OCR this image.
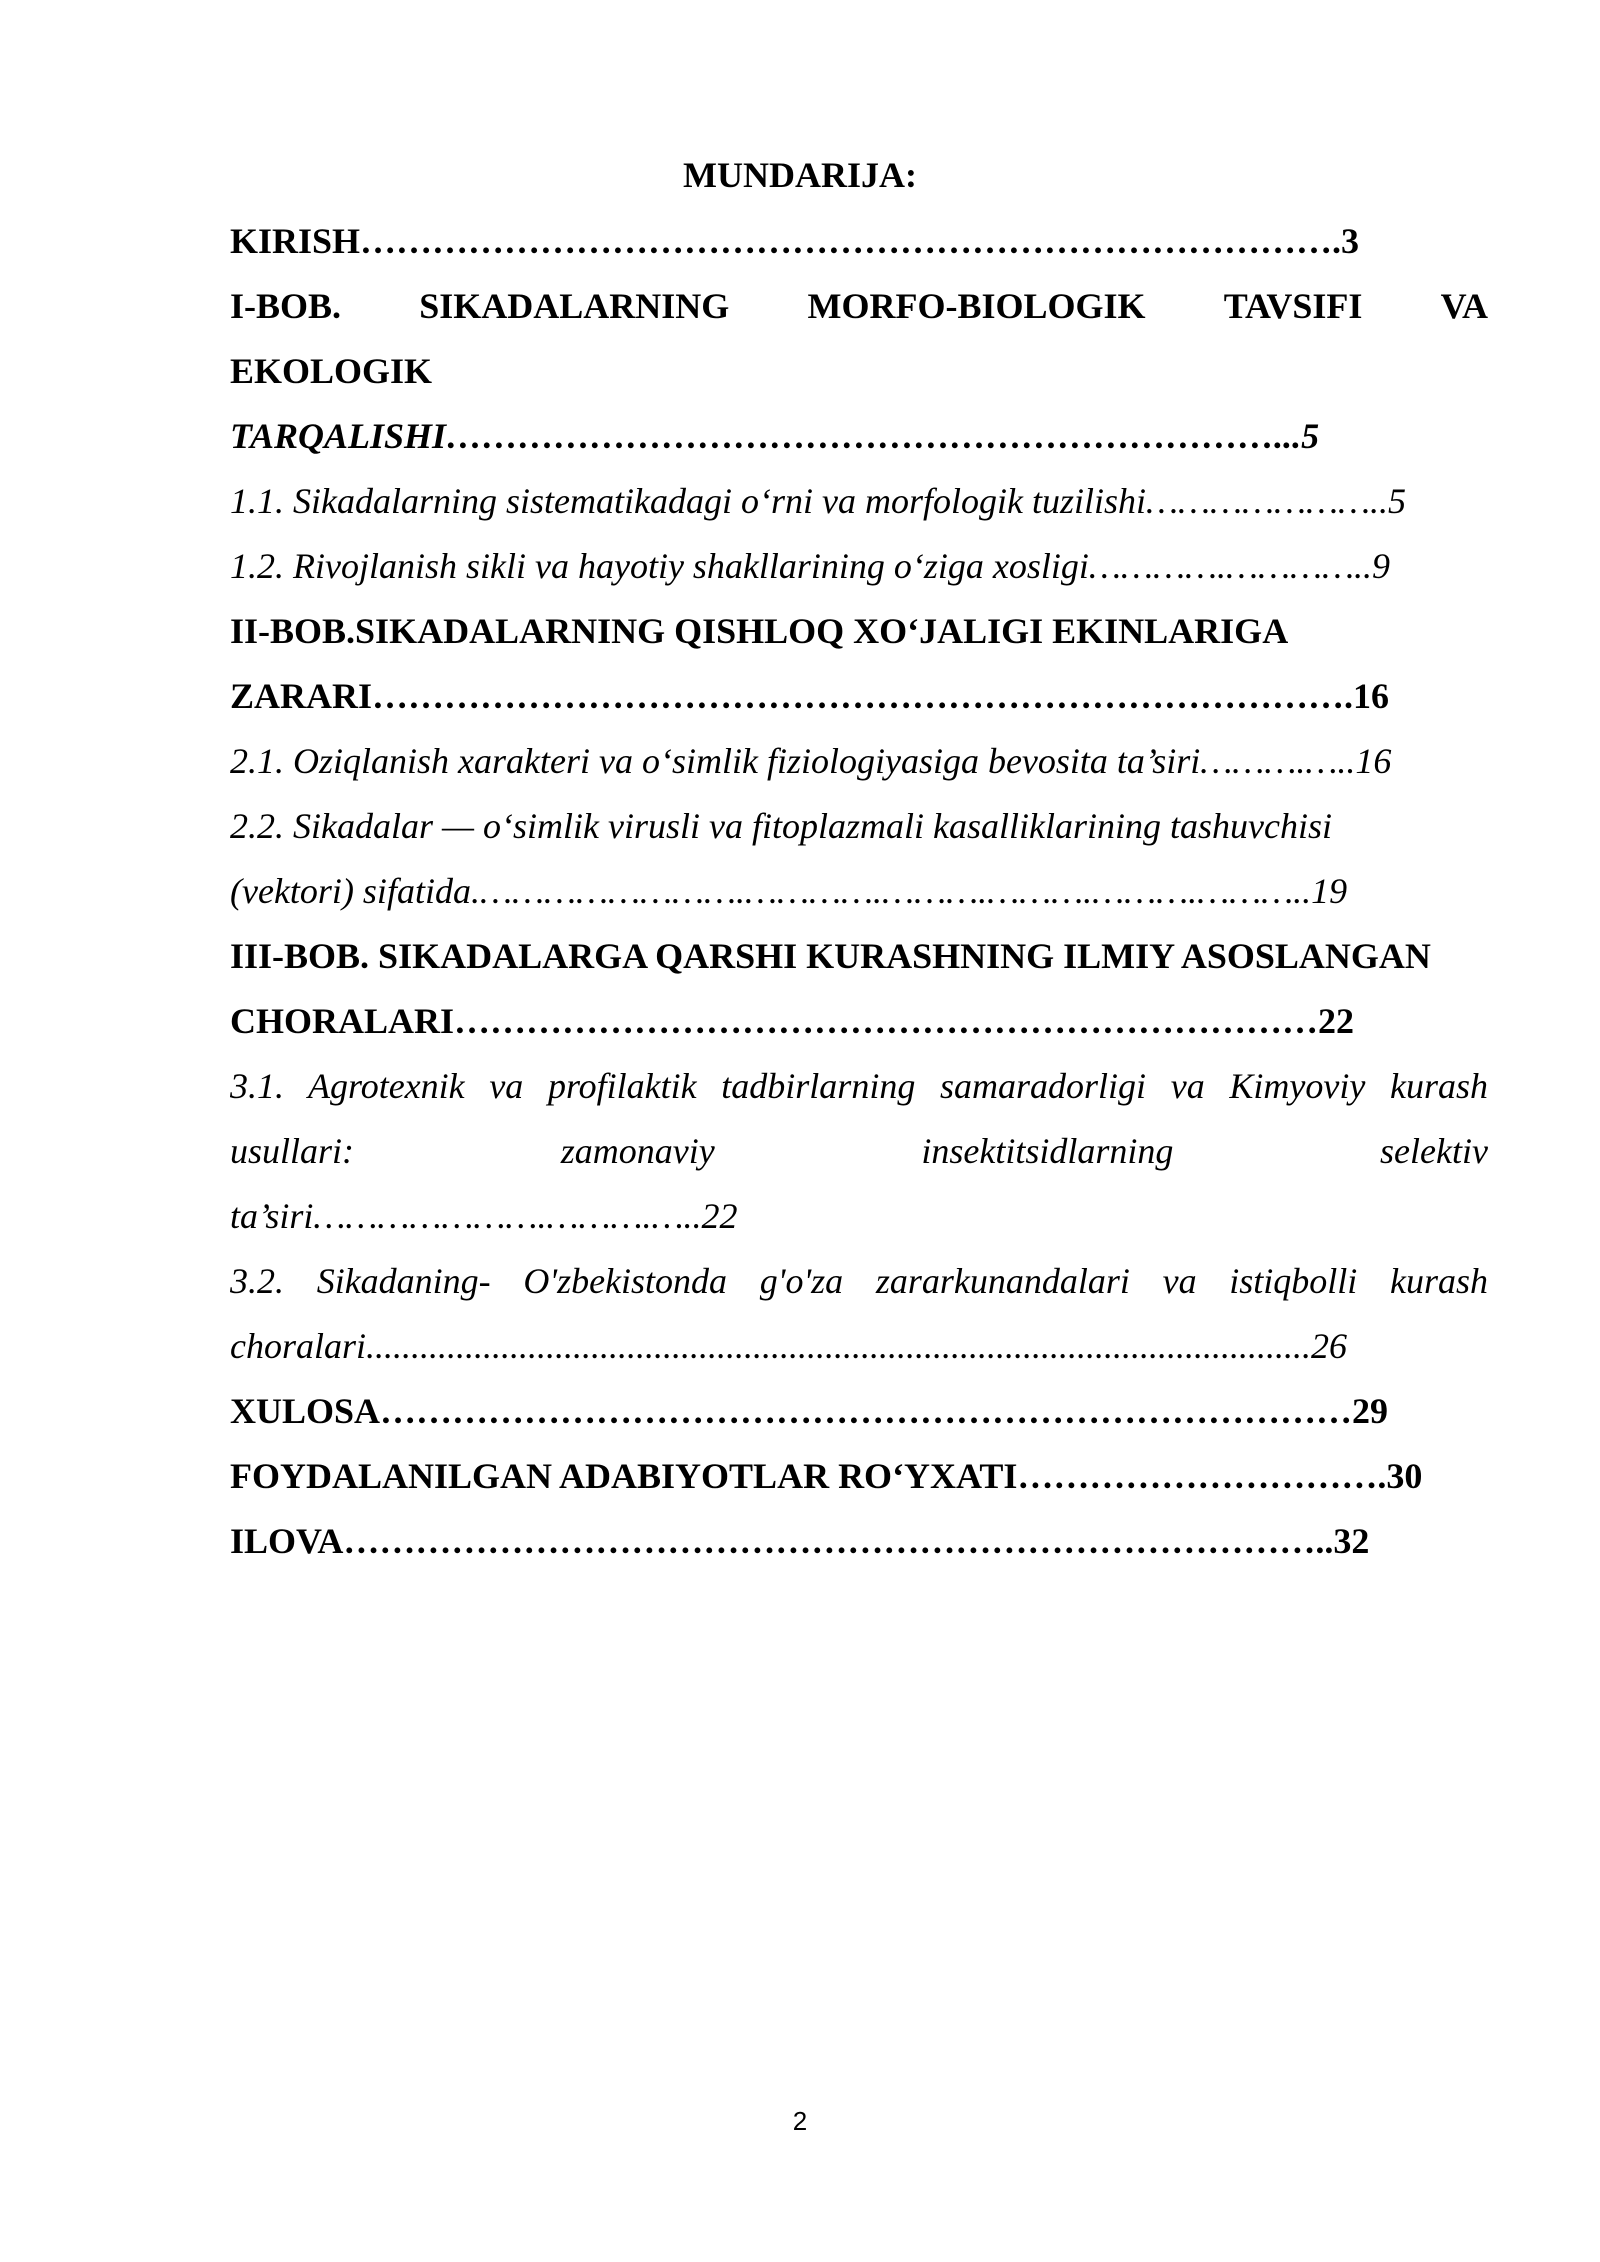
MUNDARIJA:
KIRISH……………………………………………………………………….3
I-BOB. SIKADALARNING MORFO-BIOLOGIK TAVSIFI VA
EKOLOGIK
TARQALISHI……………………………………………………………...5
1.1. Sikadalarning sistematikadagi o‘rni va morfologik tuzilishi…………………..5
1.2. Rivojlanish sikli va hayotiy shakllarining o‘ziga xosligi………….…………..9
II-BOB.SIKADALARNING QISHLOQ XO‘JALIGI EKINLARIGA
ZARARI……………………………………………………………………….16
2.1. Oziqlanish xarakteri va o‘simlik fiziologiyasiga bevosita ta’siri……….…..16
2.2. Sikadalar — o‘simlik virusli va fitoplazmali kasalliklarining tashuvchisi
(vektori) sifatida.…………………….………….……….……….……….………..19
III-BOB. SIKADALARGA QARSHI KURASHNING ILMIY ASOSLANGAN
CHORALARI………………………………………………………………22
3.1. Agrotexnik va profilaktik tadbirlarning samaradorligi va Kimyoviy kurash
usullari:	zamonaviy	insektitsidlarning	selektiv
ta’siri………………….……….…..22
3.2. Sikadaning- O'zbekistonda g'o'za zararkunandalari va istiqbolli kurash
choralari.........................................................................................................26
XULOSA………………………………………………………………………29
FOYDALANILGAN ADABIYOTLAR RO‘YXATI………………………….30
ILOVA………………………………………………………………………..32
2
